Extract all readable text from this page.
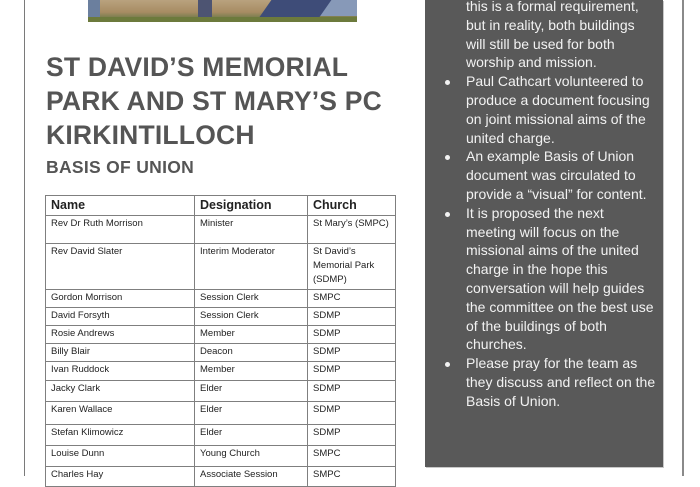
ST DAVID’S MEMORIAL
PARK AND ST MARY’S PC
KIRKINTILLOCH
BASIS OF UNION
Name	Designation	Church
Rev Dr Ruth Morrison	Minister	St Mary’s (SMPC)
Rev David Slater	Interim Moderator	St David’s Memorial Park (SDMP)
Gordon Morrison	Session Clerk	SMPC
David Forsyth	Session Clerk	SDMP
Rosie Andrews	Member	SDMP
Billy Blair	Deacon	SDMP
Ivan Ruddock	Member	SDMP
Jacky Clark	Elder	SDMP
Karen Wallace	Elder	SDMP
Stefan Klimowicz	Elder	SDMP
Louise Dunn	Young Church	SMPC
Charles Hay	Associate Session	SMPC
this is a formal requirement, but in reality, both buildings will still be used for both worship and mission.
Paul Cathcart volunteered to produce a document focusing on joint missional aims of the united charge.
An example Basis of Union document was circulated to provide a “visual” for content.
It is proposed the next meeting will focus on the missional aims of the united charge in the hope this conversation will help guides the committee on the best use of the buildings of both churches.
Please pray for the team as they discuss and reflect on the Basis of Union.
